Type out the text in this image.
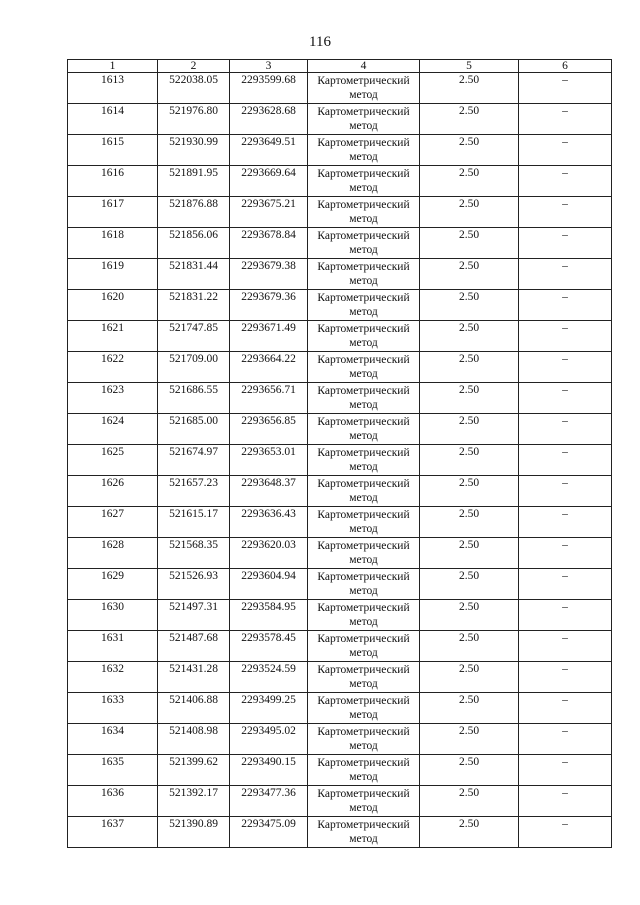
116
1	2	3	4	5	6
1613	522038.05	2293599.68	Картометрический метод	2.50	–
1614	521976.80	2293628.68	Картометрический метод	2.50	–
1615	521930.99	2293649.51	Картометрический метод	2.50	–
1616	521891.95	2293669.64	Картометрический метод	2.50	–
1617	521876.88	2293675.21	Картометрический метод	2.50	–
1618	521856.06	2293678.84	Картометрический метод	2.50	–
1619	521831.44	2293679.38	Картометрический метод	2.50	–
1620	521831.22	2293679.36	Картометрический метод	2.50	–
1621	521747.85	2293671.49	Картометрический метод	2.50	–
1622	521709.00	2293664.22	Картометрический метод	2.50	–
1623	521686.55	2293656.71	Картометрический метод	2.50	–
1624	521685.00	2293656.85	Картометрический метод	2.50	–
1625	521674.97	2293653.01	Картометрический метод	2.50	–
1626	521657.23	2293648.37	Картометрический метод	2.50	–
1627	521615.17	2293636.43	Картометрический метод	2.50	–
1628	521568.35	2293620.03	Картометрический метод	2.50	–
1629	521526.93	2293604.94	Картометрический метод	2.50	–
1630	521497.31	2293584.95	Картометрический метод	2.50	–
1631	521487.68	2293578.45	Картометрический метод	2.50	–
1632	521431.28	2293524.59	Картометрический метод	2.50	–
1633	521406.88	2293499.25	Картометрический метод	2.50	–
1634	521408.98	2293495.02	Картометрический метод	2.50	–
1635	521399.62	2293490.15	Картометрический метод	2.50	–
1636	521392.17	2293477.36	Картометрический метод	2.50	–
1637	521390.89	2293475.09	Картометрический метод	2.50	–
